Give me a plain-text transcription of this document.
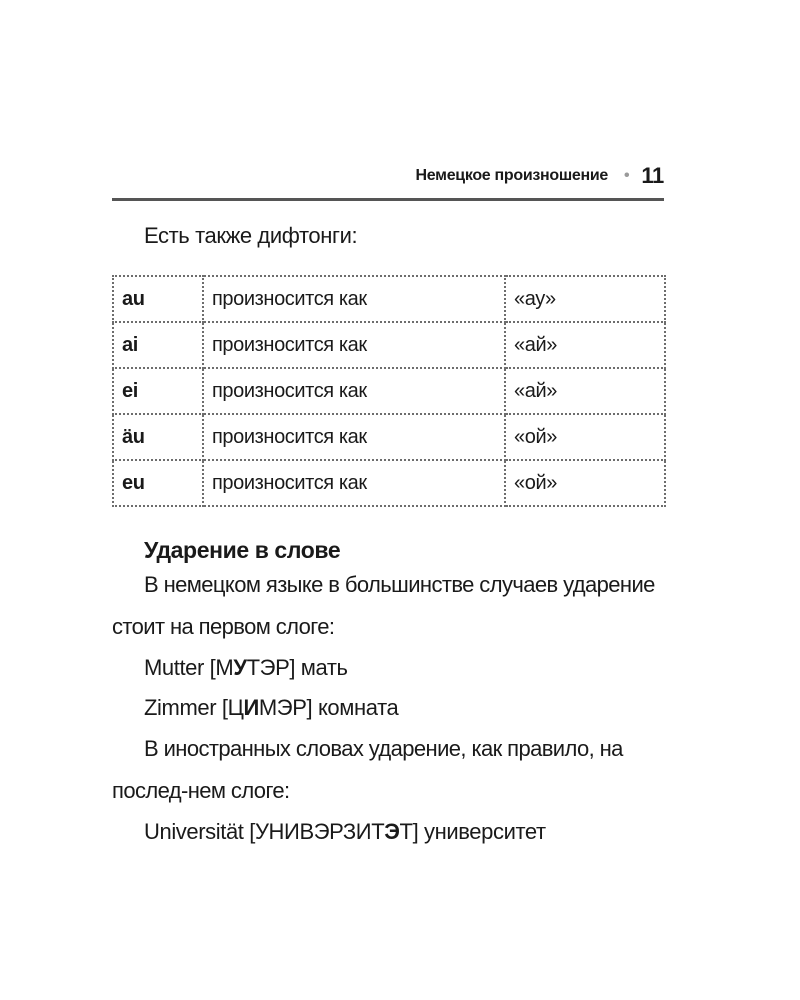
Немецкое произношение • 11
Есть также дифтонги:
au	произносится как	«ау»
ai	произносится как	«ай»
ei	произносится как	«ай»
äu	произносится как	«ой»
eu	произносится как	«ой»
Ударение в слове

В немецком языке в большинстве случаев ударение стоит на первом слоге:

Mutter [МУТЭР] мать
Zimmer [ЦИМЭР] комната

В иностранных словах ударение, как правило, на послед-нем слоге:

Universität [УНИВЭРЗИТЭТ] университет
